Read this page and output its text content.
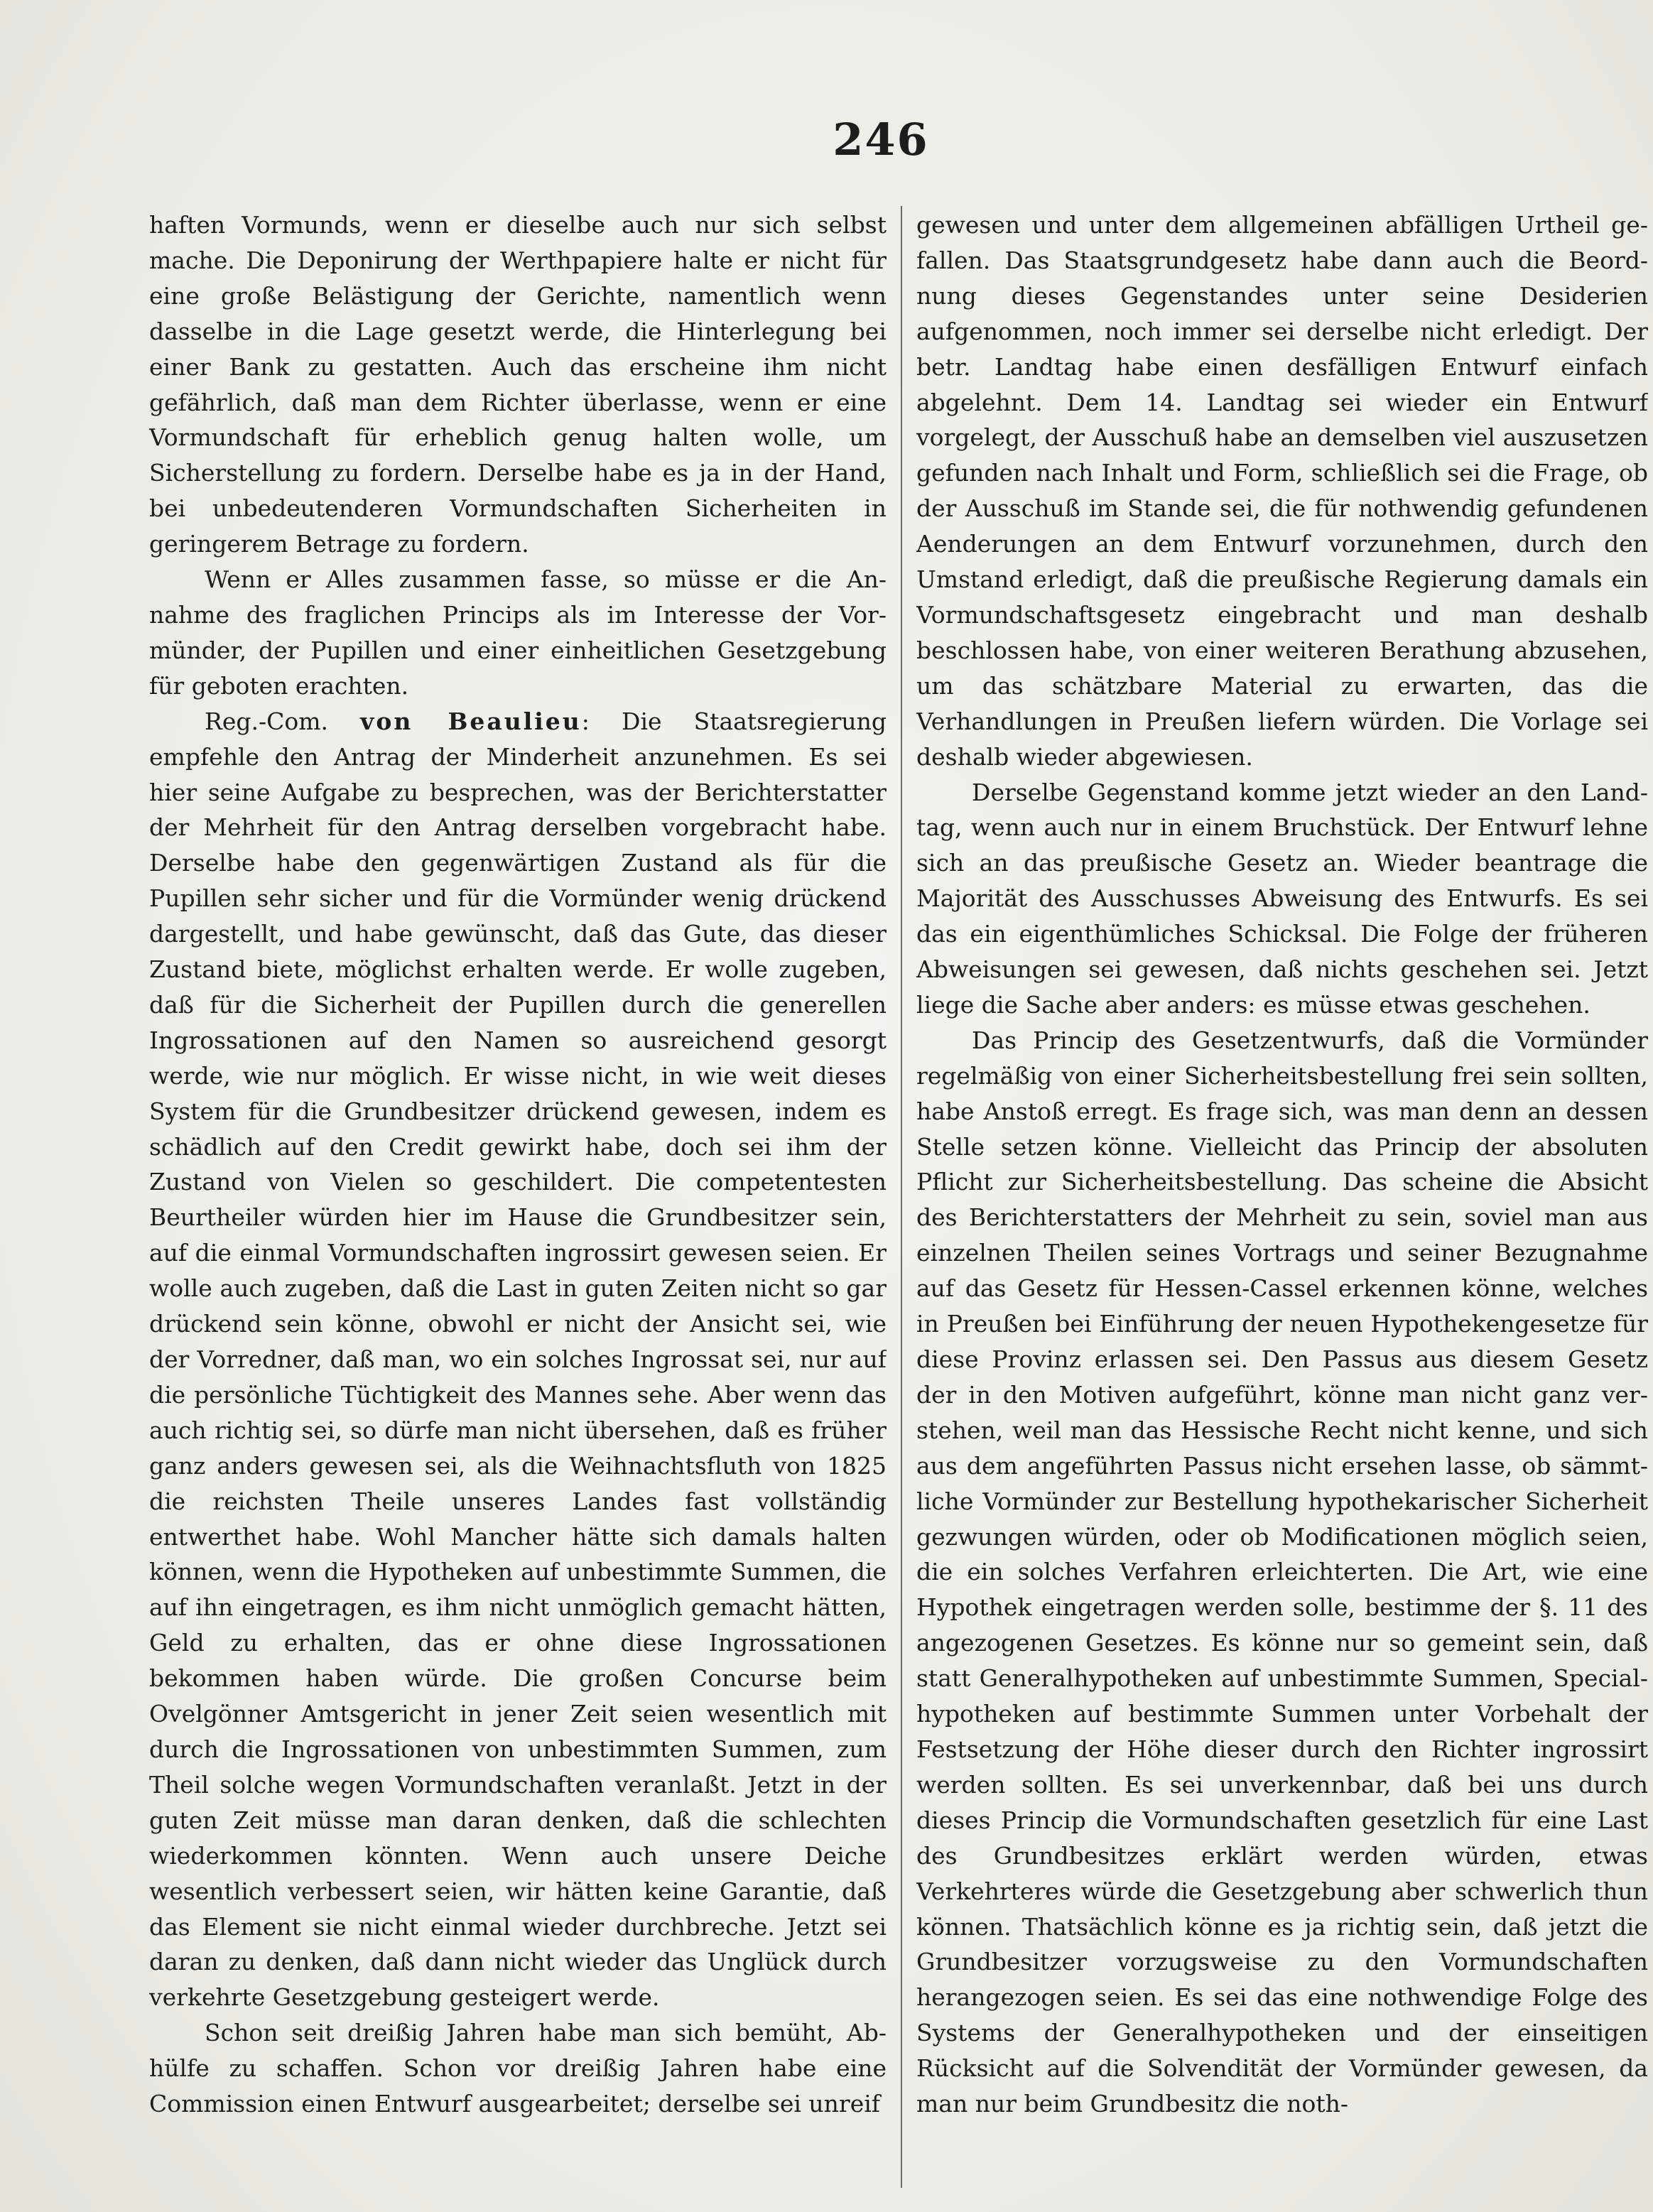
246

haften Vormunds, wenn er dieselbe auch nur sich selbst mache. Die Deponirung der Werthpapiere halte er nicht für eine große Belästigung der Gerichte, namentlich wenn dasselbe in die Lage gesetzt werde, die Hinterlegung bei einer Bank zu gestatten. Auch das erscheine ihm nicht gefährlich, daß man dem Richter überlasse, wenn er eine Vormundschaft für erheblich genug halten wolle, um Sicherstellung zu fordern. Derselbe habe es ja in der Hand, bei unbedeutenderen Vormundschaften Sicherheiten in geringerem Betrage zu fordern.

Wenn er Alles zusammen fasse, so müsse er die Annahme des fraglichen Princips als im Interesse der Vormünder, der Pupillen und einer einheitlichen Gesetzgebung für geboten erachten.

Reg.-Com. von Beaulieu: Die Staatsregierung empfehle den Antrag der Minderheit anzunehmen. Es sei hier seine Aufgabe zu besprechen, was der Berichterstatter der Mehrheit für den Antrag derselben vorgebracht habe. Derselbe habe den gegenwärtigen Zustand als für die Pupillen sehr sicher und für die Vormünder wenig drückend dargestellt, und habe gewünscht, daß das Gute, das dieser Zustand biete, möglichst erhalten werde. Er wolle zugeben, daß für die Sicherheit der Pupillen durch die generellen Ingrossationen auf den Namen so ausreichend gesorgt werde, wie nur möglich. Er wisse nicht, in wie weit dieses System für die Grundbesitzer drückend gewesen, indem es schädlich auf den Credit gewirkt habe, doch sei ihm der Zustand von Vielen so geschildert. Die competentesten Beurtheiler würden hier im Hause die Grundbesitzer sein, auf die einmal Vormundschaften ingrossirt gewesen seien. Er wolle auch zugeben, daß die Last in guten Zeiten nicht so gar drückend sein könne, obwohl er nicht der Ansicht sei, wie der Vorredner, daß man, wo ein solches Ingrossat sei, nur auf die persönliche Tüchtigkeit des Mannes sehe. Aber wenn das auch richtig sei, so dürfe man nicht übersehen, daß es früher ganz anders gewesen sei, als die Weihnachtsfluth von 1825 die reichsten Theile unseres Landes fast vollständig entwerthet habe. Wohl Mancher hätte sich damals halten können, wenn die Hypotheken auf unbestimmte Summen, die auf ihn eingetragen, es ihm nicht unmöglich gemacht hätten, Geld zu erhalten, das er ohne diese Ingrossationen bekommen haben würde. Die großen Concurse beim Ovelgönner Amtsgericht in jener Zeit seien wesentlich mit durch die Ingrossationen von unbestimmten Summen, zum Theil solche wegen Vormundschaften veranlaßt. Jetzt in der guten Zeit müsse man daran denken, daß die schlechten wiederkommen könnten. Wenn auch unsere Deiche wesentlich verbessert seien, wir hätten keine Garantie, daß das Element sie nicht einmal wieder durchbreche. Jetzt sei daran zu denken, daß dann nicht wieder das Unglück durch verkehrte Gesetzgebung gesteigert werde.

Schon seit dreißig Jahren habe man sich bemüht, Abhülfe zu schaffen. Schon vor dreißig Jahren habe eine Commission einen Entwurf ausgearbeitet; derselbe sei unreif

gewesen und unter dem allgemeinen abfälligen Urtheil gefallen. Das Staatsgrundgesetz habe dann auch die Beordnung dieses Gegenstandes unter seine Desiderien aufgenommen, noch immer sei derselbe nicht erledigt. Der betr. Landtag habe einen desfälligen Entwurf einfach abgelehnt. Dem 14. Landtag sei wieder ein Entwurf vorgelegt, der Ausschuß habe an demselben viel auszusetzen gefunden nach Inhalt und Form, schließlich sei die Frage, ob der Ausschuß im Stande sei, die für nothwendig gefundenen Aenderungen an dem Entwurf vorzunehmen, durch den Umstand erledigt, daß die preußische Regierung damals ein Vormundschaftsgesetz eingebracht und man deshalb beschlossen habe, von einer weiteren Berathung abzusehen, um das schätzbare Material zu erwarten, das die Verhandlungen in Preußen liefern würden. Die Vorlage sei deshalb wieder abgewiesen.

Derselbe Gegenstand komme jetzt wieder an den Landtag, wenn auch nur in einem Bruchstück. Der Entwurf lehne sich an das preußische Gesetz an. Wieder beantrage die Majorität des Ausschusses Abweisung des Entwurfs. Es sei das ein eigenthümliches Schicksal. Die Folge der früheren Abweisungen sei gewesen, daß nichts geschehen sei. Jetzt liege die Sache aber anders: es müsse etwas geschehen.

Das Princip des Gesetzentwurfs, daß die Vormünder regelmäßig von einer Sicherheitsbestellung frei sein sollten, habe Anstoß erregt. Es frage sich, was man denn an dessen Stelle setzen könne. Vielleicht das Princip der absoluten Pflicht zur Sicherheitsbestellung. Das scheine die Absicht des Berichterstatters der Mehrheit zu sein, soviel man aus einzelnen Theilen seines Vortrags und seiner Bezugnahme auf das Gesetz für Hessen-Cassel erkennen könne, welches in Preußen bei Einführung der neuen Hypothekengesetze für diese Provinz erlassen sei. Den Passus aus diesem Gesetz der in den Motiven aufgeführt, könne man nicht ganz verstehen, weil man das Hessische Recht nicht kenne, und sich aus dem angeführten Passus nicht ersehen lasse, ob sämmtliche Vormünder zur Bestellung hypothekarischer Sicherheit gezwungen würden, oder ob Modificationen möglich seien, die ein solches Verfahren erleichterten. Die Art, wie eine Hypothek eingetragen werden solle, bestimme der §. 11 des angezogenen Gesetzes. Es könne nur so gemeint sein, daß statt Generalhypotheken auf unbestimmte Summen, Specialhypotheken auf bestimmte Summen unter Vorbehalt der Festsetzung der Höhe dieser durch den Richter ingrossirt werden sollten. Es sei unverkennbar, daß bei uns durch dieses Princip die Vormundschaften gesetzlich für eine Last des Grundbesitzes erklärt werden würden, etwas Verkehrteres würde die Gesetzgebung aber schwerlich thun können. Thatsächlich könne es ja richtig sein, daß jetzt die Grundbesitzer vorzugsweise zu den Vormundschaften herangezogen seien. Es sei das eine nothwendige Folge des Systems der Generalhypotheken und der einseitigen Rücksicht auf die Solvendität der Vormünder gewesen, da man nur beim Grundbesitz die noth-
